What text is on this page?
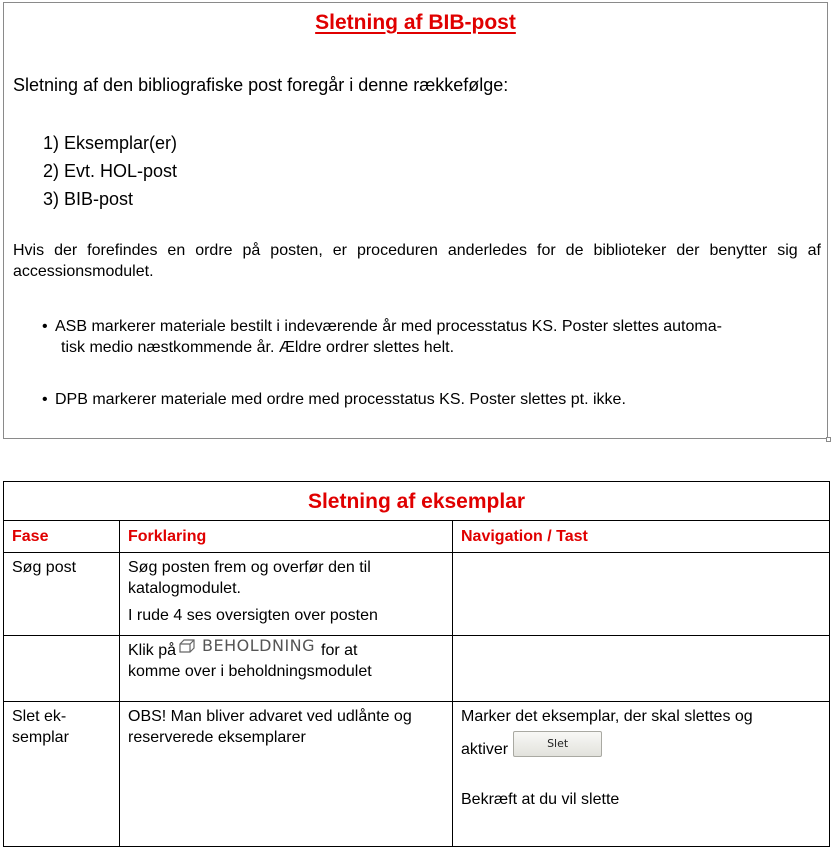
Sletning af BIB-post
Sletning af den bibliografiske post foregår i denne rækkefølge:
1) Eksemplar(er)
2) Evt. HOL-post
3) BIB-post
Hvis der forefindes en ordre på posten, er proceduren anderledes for de biblioteker der benytter sig af accessionsmodulet.
• ASB markerer materiale bestilt i indeværende år med processtatus KS. Poster slettes automa-
tisk medio næstkommende år. Ældre ordrer slettes helt.
• DPB markerer materiale med ordre med processtatus KS. Poster slettes pt. ikke.
Sletning af eksemplar		
Fase	Forklaring	Navigation / Tast
Søg post	Søg posten frem og overfør den til katalogmodulet.
I rude 4 ses oversigten over posten	

	Klik på BEHOLDNING for at
komme over i beholdningsmodulet	

Slet ek-
semplar	OBS! Man bliver advaret ved udlånte og reserverede eksemplarer	Marker det eksemplar, der skal slettes og
aktiver Slet
Bekræft at du vil slette
